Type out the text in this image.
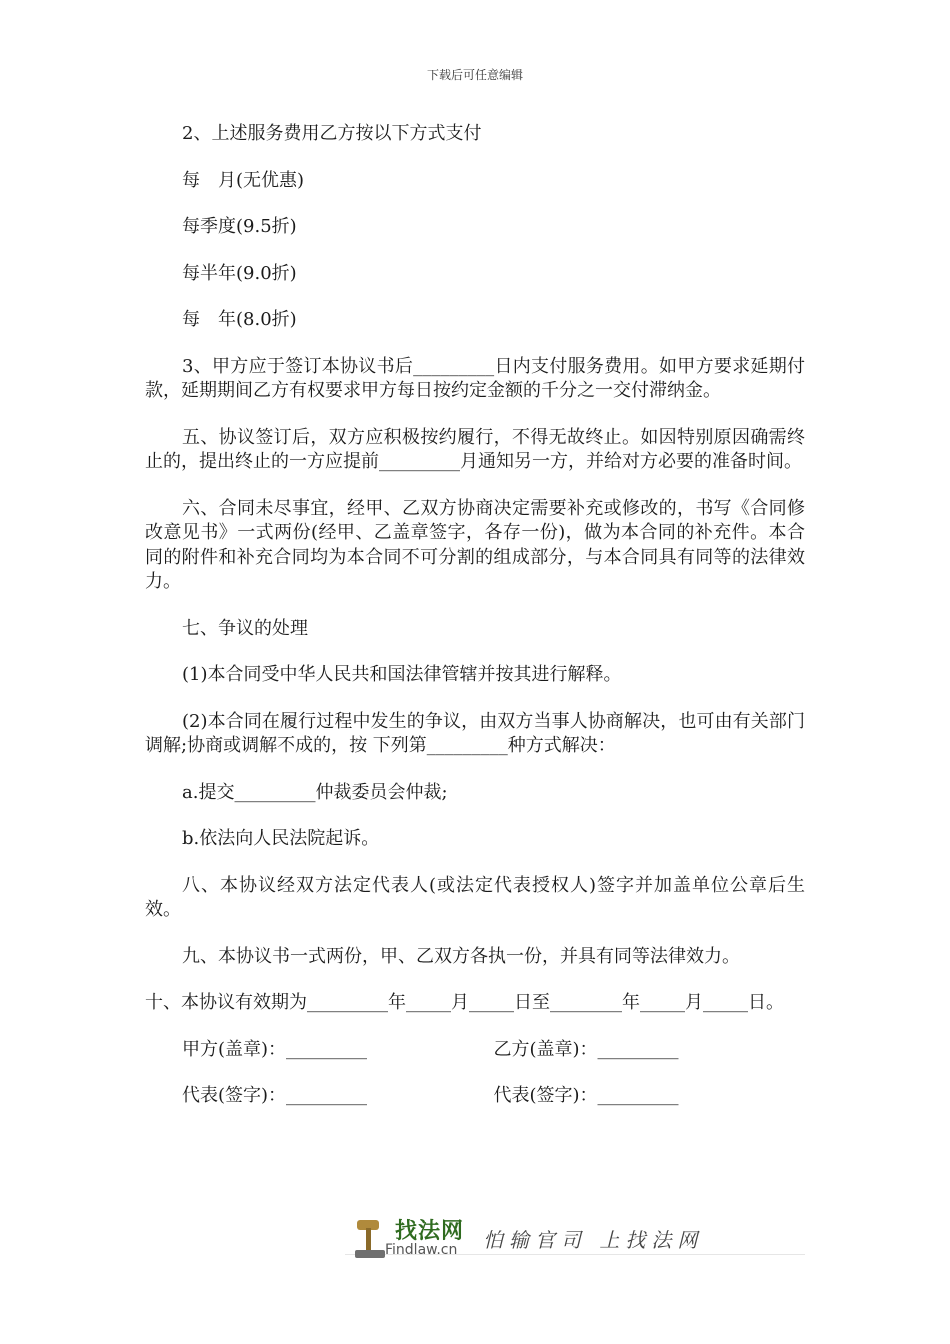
下载后可任意编辑

2、上述服务费用乙方按以下方式支付

每　月(无优惠)

每季度(9.5折)

每半年(9.0折)

每　年(8.0折)

3、甲方应于签订本协议书后_________日内支付服务费用。如甲方要求延期付款，延期期间乙方有权要求甲方每日按约定金额的千分之一交付滞纳金。

五、协议签订后，双方应积极按约履行，不得无故终止。如因特别原因确需终止的，提出终止的一方应提前_________月通知另一方，并给对方必要的准备时间。

六、合同未尽事宜，经甲、乙双方协商决定需要补充或修改的，书写《合同修改意见书》一式两份(经甲、乙盖章签字，各存一份)，做为本合同的补充件。本合同的附件和补充合同均为本合同不可分割的组成部分，与本合同具有同等的法律效力。

七、争议的处理

(1)本合同受中华人民共和国法律管辖并按其进行解释。

(2)本合同在履行过程中发生的争议，由双方当事人协商解决，也可由有关部门调解;协商或调解不成的，按 下列第_________种方式解决：

a.提交_________仲裁委员会仲裁;

b.依法向人民法院起诉。

八、本协议经双方法定代表人(或法定代表授权人)签字并加盖单位公章后生效。

九、本协议书一式两份，甲、乙双方各执一份，并具有同等法律效力。

十、本协议有效期为_________年_____月_____日至________年_____月_____日。

甲方(盖章)：_________	乙方(盖章)：_________
代表(签字)：_________	代表(签字)：_________
找法网
Findlaw.cn 怕输官司 上找法网
